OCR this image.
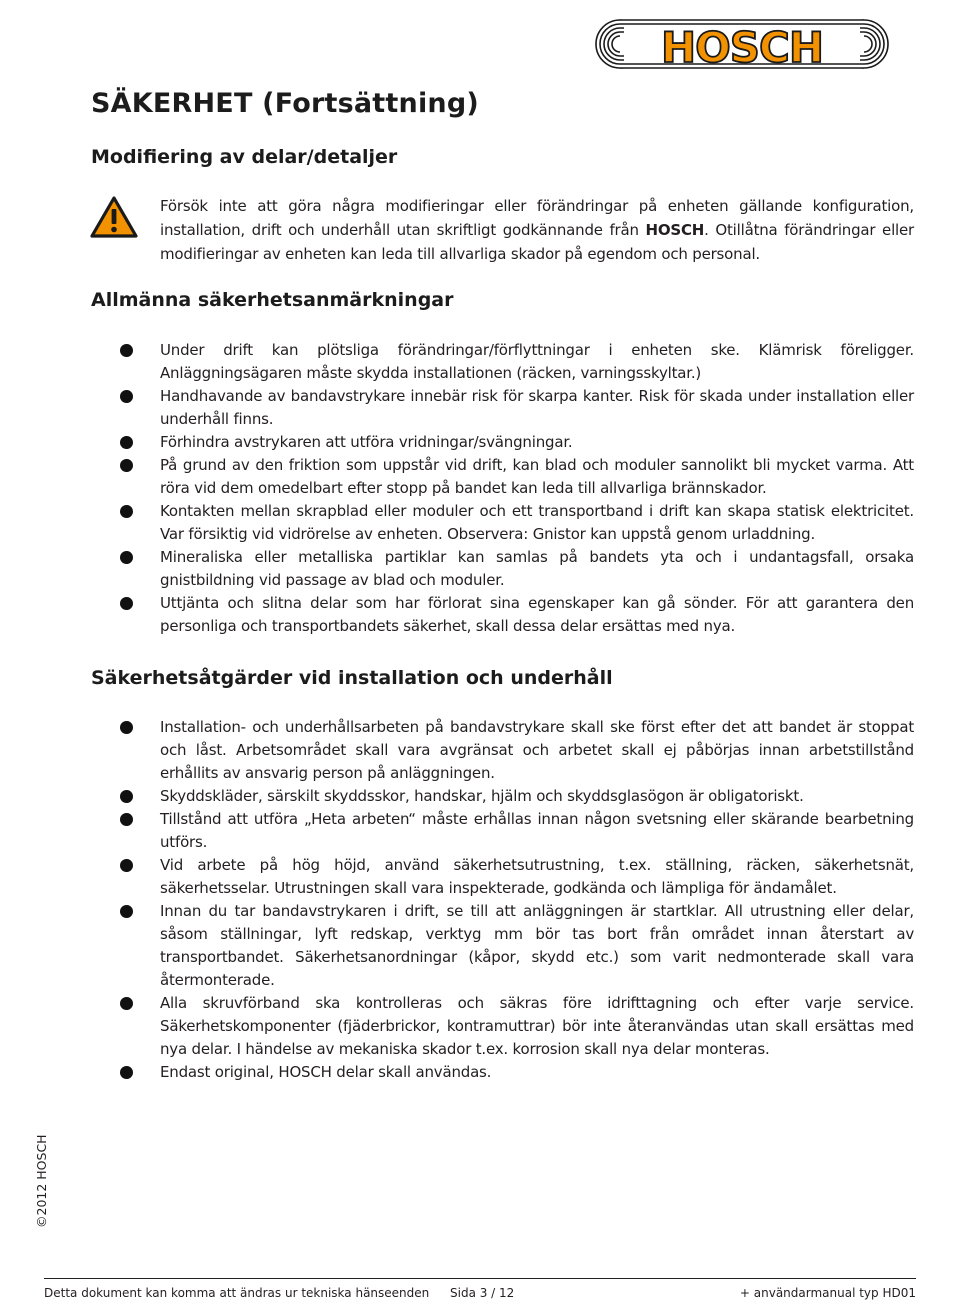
HOSCH
SÄKERHET (Fortsättning)
Modifiering av delar/detaljer

Försök inte att göra några modifieringar eller förändringar på enheten gällande konfiguration, installation, drift och underhåll utan skriftligt godkännande från HOSCH. Otillåtna förändringar eller modifieringar av enheten kan leda till allvarliga skador på egendom och personal.

Allmänna säkerhetsanmärkningar
Under drift kan plötsliga förändringar/förflyttningar i enheten ske. Klämrisk föreligger. Anläggningsägaren måste skydda installationen (räcken, varningsskyltar.)
Handhavande av bandavstrykare innebär risk för skarpa kanter. Risk för skada under installation eller underhåll finns.
Förhindra avstrykaren att utföra vridningar/svängningar.
På grund av den friktion som uppstår vid drift, kan blad och moduler sannolikt bli mycket varma. Att röra vid dem omedelbart efter stopp på bandet kan leda till allvarliga brännskador.
Kontakten mellan skrapblad eller moduler och ett transportband i drift kan skapa statisk elektricitet. Var försiktig vid vidrörelse av enheten. Observera: Gnistor kan uppstå genom urladdning.
Mineraliska eller metalliska partiklar kan samlas på bandets yta och i undantagsfall, orsaka gnistbildning vid passage av blad och moduler.
Uttjänta och slitna delar som har förlorat sina egenskaper kan gå sönder. För att garantera den personliga och transportbandets säkerhet, skall dessa delar ersättas med nya.
Säkerhetsåtgärder vid installation och underhåll
Installation- och underhållsarbeten på bandavstrykare skall ske först efter det att bandet är stoppat och låst. Arbetsområdet skall vara avgränsat och arbetet skall ej påbörjas innan arbetstillstånd erhållits av ansvarig person på anläggningen.
Skyddskläder, särskilt skyddsskor, handskar, hjälm och skyddsglasögon är obligatoriskt.
Tillstånd att utföra „Heta arbeten“ måste erhållas innan någon svetsning eller skärande bearbetning utförs.
Vid arbete på hög höjd, använd säkerhetsutrustning, t.ex. ställning, räcken, säkerhetsnät, säkerhetsselar. Utrustningen skall vara inspekterade, godkända och lämpliga för ändamålet.
Innan du tar bandavstrykaren i drift, se till att anläggningen är startklar. All utrustning eller delar, såsom ställningar, lyft redskap, verktyg mm bör tas bort från området innan återstart av transportbandet. Säkerhetsanordningar (kåpor, skydd etc.) som varit nedmonterade skall vara återmonterade.
Alla skruvförband ska kontrolleras och säkras före idrifttagning och efter varje service. Säkerhetskomponenter (fjäderbrickor, kontramuttrar) bör inte återanvändas utan skall ersättas med nya delar. I händelse av mekaniska skador t.ex. korrosion skall nya delar monteras.
Endast original, HOSCH delar skall användas.
©2012 HOSCH
Detta dokument kan komma att ändras ur tekniska hänseenden Sida 3 / 12	+ användarmanual typ HD01
